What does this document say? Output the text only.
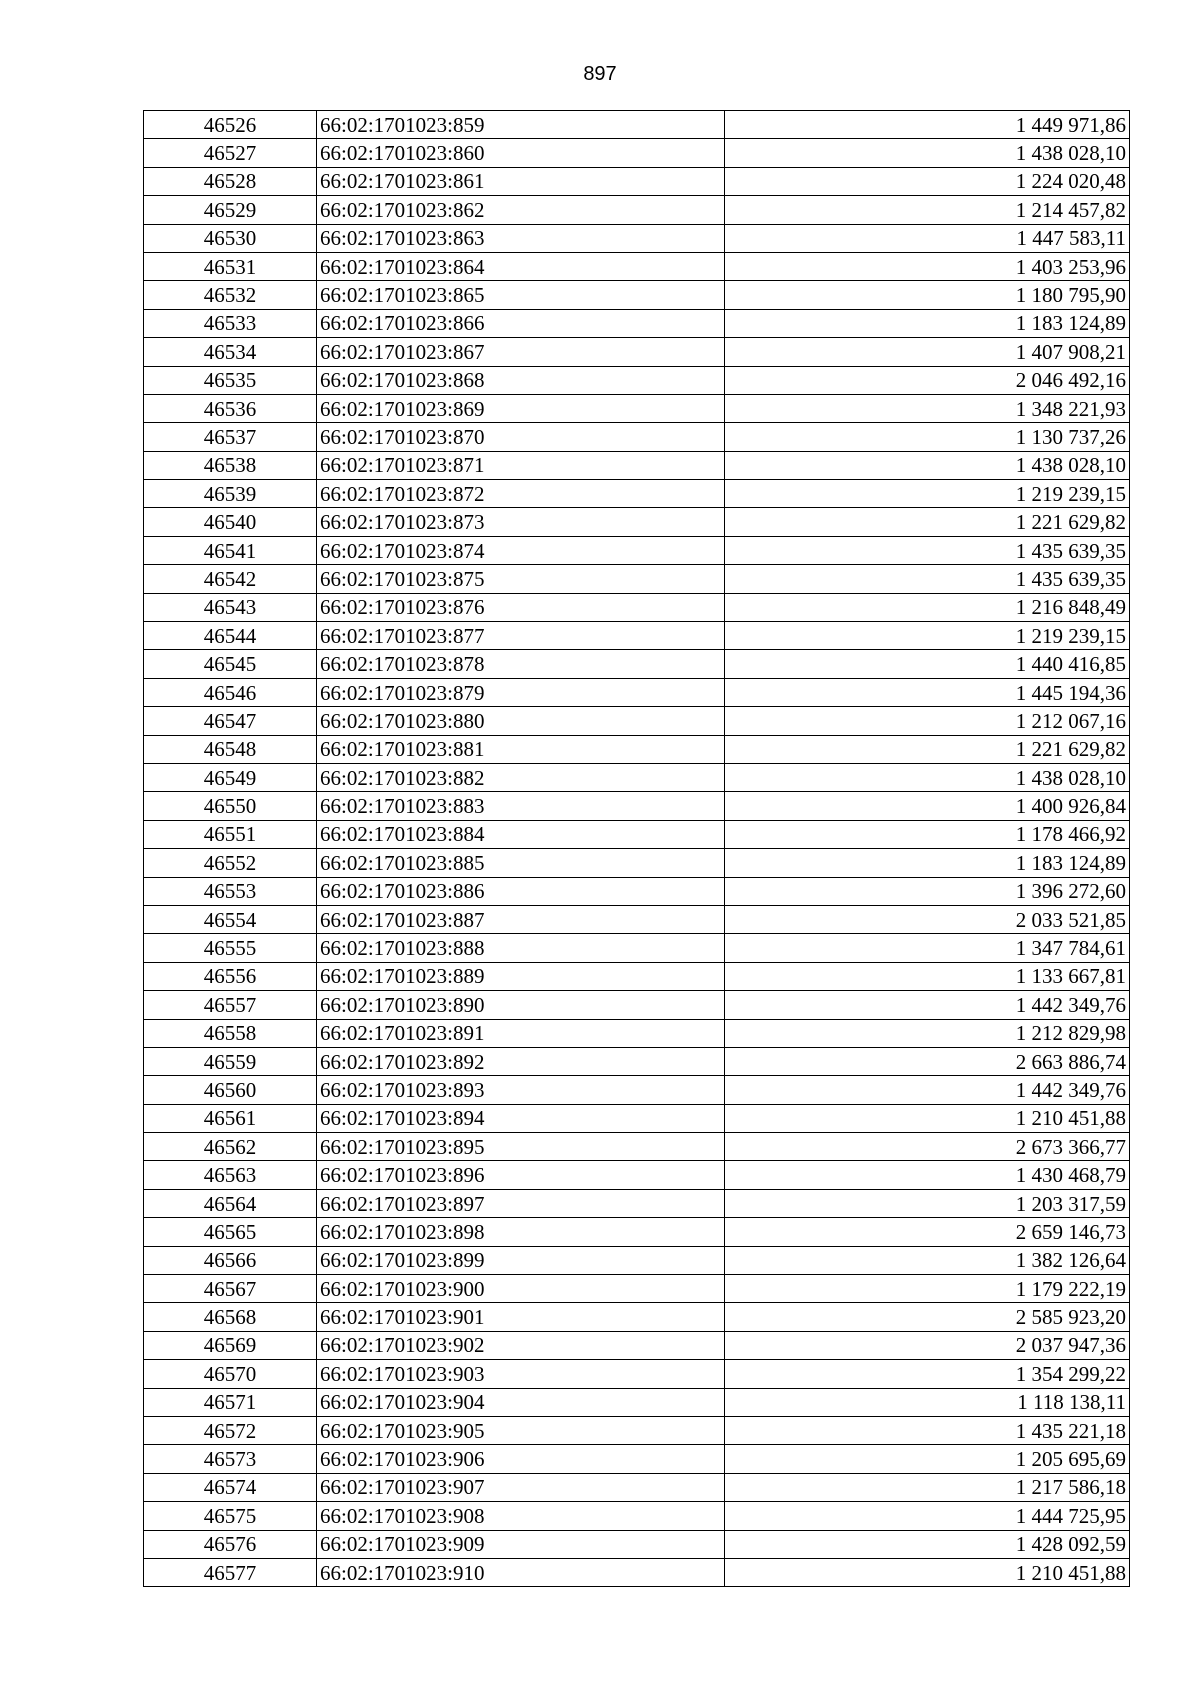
897
46526	66:02:1701023:859	1 449 971,86
46527	66:02:1701023:860	1 438 028,10
46528	66:02:1701023:861	1 224 020,48
46529	66:02:1701023:862	1 214 457,82
46530	66:02:1701023:863	1 447 583,11
46531	66:02:1701023:864	1 403 253,96
46532	66:02:1701023:865	1 180 795,90
46533	66:02:1701023:866	1 183 124,89
46534	66:02:1701023:867	1 407 908,21
46535	66:02:1701023:868	2 046 492,16
46536	66:02:1701023:869	1 348 221,93
46537	66:02:1701023:870	1 130 737,26
46538	66:02:1701023:871	1 438 028,10
46539	66:02:1701023:872	1 219 239,15
46540	66:02:1701023:873	1 221 629,82
46541	66:02:1701023:874	1 435 639,35
46542	66:02:1701023:875	1 435 639,35
46543	66:02:1701023:876	1 216 848,49
46544	66:02:1701023:877	1 219 239,15
46545	66:02:1701023:878	1 440 416,85
46546	66:02:1701023:879	1 445 194,36
46547	66:02:1701023:880	1 212 067,16
46548	66:02:1701023:881	1 221 629,82
46549	66:02:1701023:882	1 438 028,10
46550	66:02:1701023:883	1 400 926,84
46551	66:02:1701023:884	1 178 466,92
46552	66:02:1701023:885	1 183 124,89
46553	66:02:1701023:886	1 396 272,60
46554	66:02:1701023:887	2 033 521,85
46555	66:02:1701023:888	1 347 784,61
46556	66:02:1701023:889	1 133 667,81
46557	66:02:1701023:890	1 442 349,76
46558	66:02:1701023:891	1 212 829,98
46559	66:02:1701023:892	2 663 886,74
46560	66:02:1701023:893	1 442 349,76
46561	66:02:1701023:894	1 210 451,88
46562	66:02:1701023:895	2 673 366,77
46563	66:02:1701023:896	1 430 468,79
46564	66:02:1701023:897	1 203 317,59
46565	66:02:1701023:898	2 659 146,73
46566	66:02:1701023:899	1 382 126,64
46567	66:02:1701023:900	1 179 222,19
46568	66:02:1701023:901	2 585 923,20
46569	66:02:1701023:902	2 037 947,36
46570	66:02:1701023:903	1 354 299,22
46571	66:02:1701023:904	1 118 138,11
46572	66:02:1701023:905	1 435 221,18
46573	66:02:1701023:906	1 205 695,69
46574	66:02:1701023:907	1 217 586,18
46575	66:02:1701023:908	1 444 725,95
46576	66:02:1701023:909	1 428 092,59
46577	66:02:1701023:910	1 210 451,88
